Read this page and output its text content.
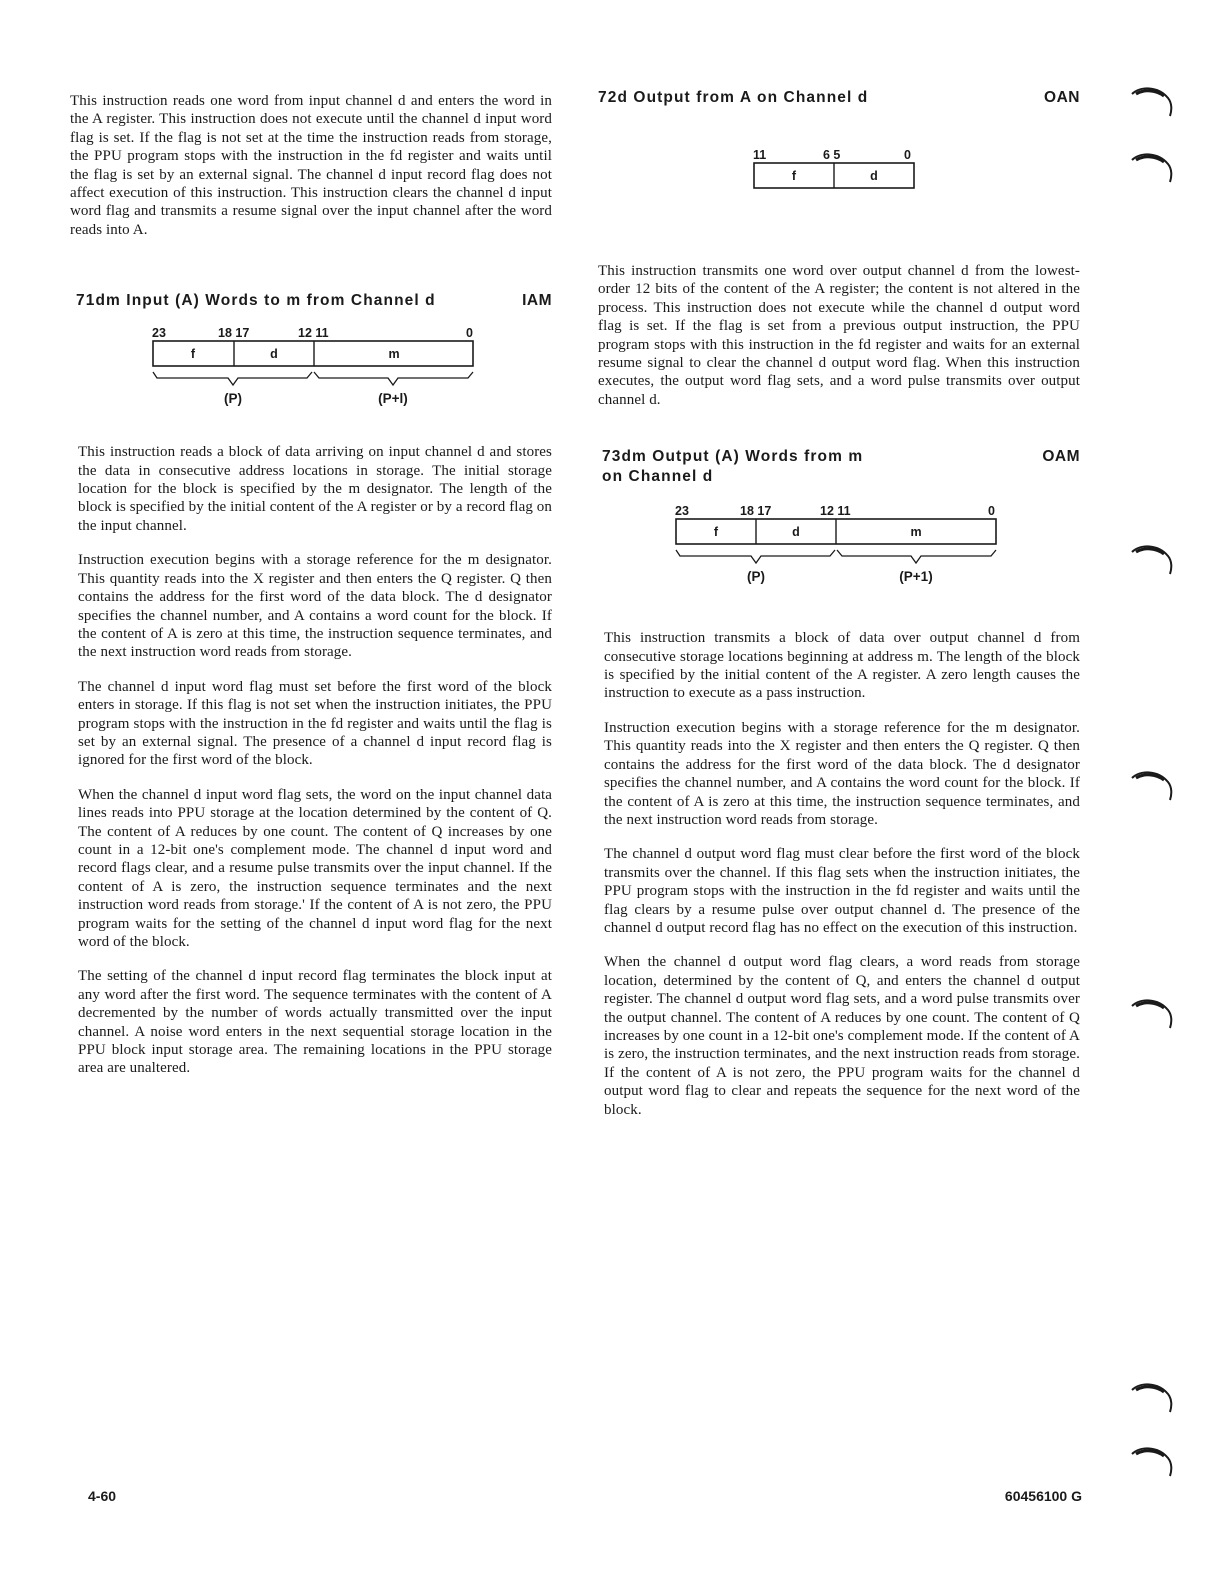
This instruction reads one word from input channel d and enters the word in the A register. This instruction does not execute until the channel d input word flag is set. If the flag is not set at the time the instruction reads from storage, the PPU program stops with the instruction in the fd register and waits until the flag is set by an external signal. The channel d input record flag does not affect execution of this instruction. This instruction clears the channel d input word flag and transmits a resume signal over the input channel after the word reads into A.

71dm Input (A) Words to m from Channel d	IAM
23	18 17	12 11	0
f	d	m
(P)	(P+l)

This instruction reads a block of data arriving on input channel d and stores the data in consecutive address locations in storage. The initial storage location for the block is specified by the m designator. The length of the block is specified by the initial content of the A register or by a record flag on the input channel.

Instruction execution begins with a storage reference for the m designator. This quantity reads into the X register and then enters the Q register. Q then contains the address for the first word of the data block. The d designator specifies the channel number, and A contains a word count for the block. If the content of A is zero at this time, the instruction sequence terminates, and the next instruction word reads from storage.

The channel d input word flag must set before the first word of the block enters in storage. If this flag is not set when the instruction initiates, the PPU program stops with the instruction in the fd register and waits until the flag is set by an external signal. The presence of a channel d input record flag is ignored for the first word of the block.

When the channel d input word flag sets, the word on the input channel data lines reads into PPU storage at the location determined by the content of Q. The content of A reduces by one count. The content of Q increases by one count in a 12-bit one's complement mode. The channel d input word and record flags clear, and a resume pulse transmits over the input channel. If the content of A is zero, the instruction sequence terminates and the next instruction word reads from storage.' If the content of A is not zero, the PPU program waits for the setting of the channel d input word flag for the next word of the block.

The setting of the channel d input record flag terminates the block input at any word after the first word. The sequence terminates with the content of A decremented by the number of words actually transmitted over the input channel. A noise word enters in the next sequential storage location in the PPU block input storage area. The remaining locations in the PPU storage area are unaltered.

72d Output from A on Channel d	OAN
11	6 5	0
f	d

This instruction transmits one word over output channel d from the lowest-order 12 bits of the content of the A register; the content is not altered in the process. This instruction does not execute while the channel d output word flag is set. If the flag is set from a previous output instruction, the PPU program stops with this instruction in the fd register and waits for an external resume signal to clear the channel d output word flag. When this instruction executes, the output word flag sets, and a word pulse transmits over output channel d.

73dm Output (A) Words from m
on Channel d
OAM
23	18 17	12 11	0
f	d	m
(P)	(P+1)

This instruction transmits a block of data over output channel d from consecutive storage locations beginning at address m. The length of the block is specified by the initial content of the A register. A zero length causes the instruction to execute as a pass instruction.

Instruction execution begins with a storage reference for the m designator. This quantity reads into the X register and then enters the Q register. Q then contains the address for the first word of the data block. The d designator specifies the channel number, and A contains the word count for the block. If the content of A is zero at this time, the instruction sequence terminates, and the next instruction word reads from storage.

The channel d output word flag must clear before the first word of the block transmits over the channel. If this flag sets when the instruction initiates, the PPU program stops with the instruction in the fd register and waits until the flag clears by a resume pulse over output channel d. The presence of the channel d output record flag has no effect on the execution of this instruction.

When the channel d output word flag clears, a word reads from storage location, determined by the content of Q, and enters the channel d output register. The channel d output word flag sets, and a word pulse transmits over the output channel. The content of A reduces by one count. The content of Q increases by one count in a 12-bit one's complement mode. If the content of A is zero, the instruction terminates, and the next instruction reads from storage. If the content of A is not zero, the PPU program waits for the channel d output word flag to clear and repeats the sequence for the next word of the block.

4-60	60456100 G
